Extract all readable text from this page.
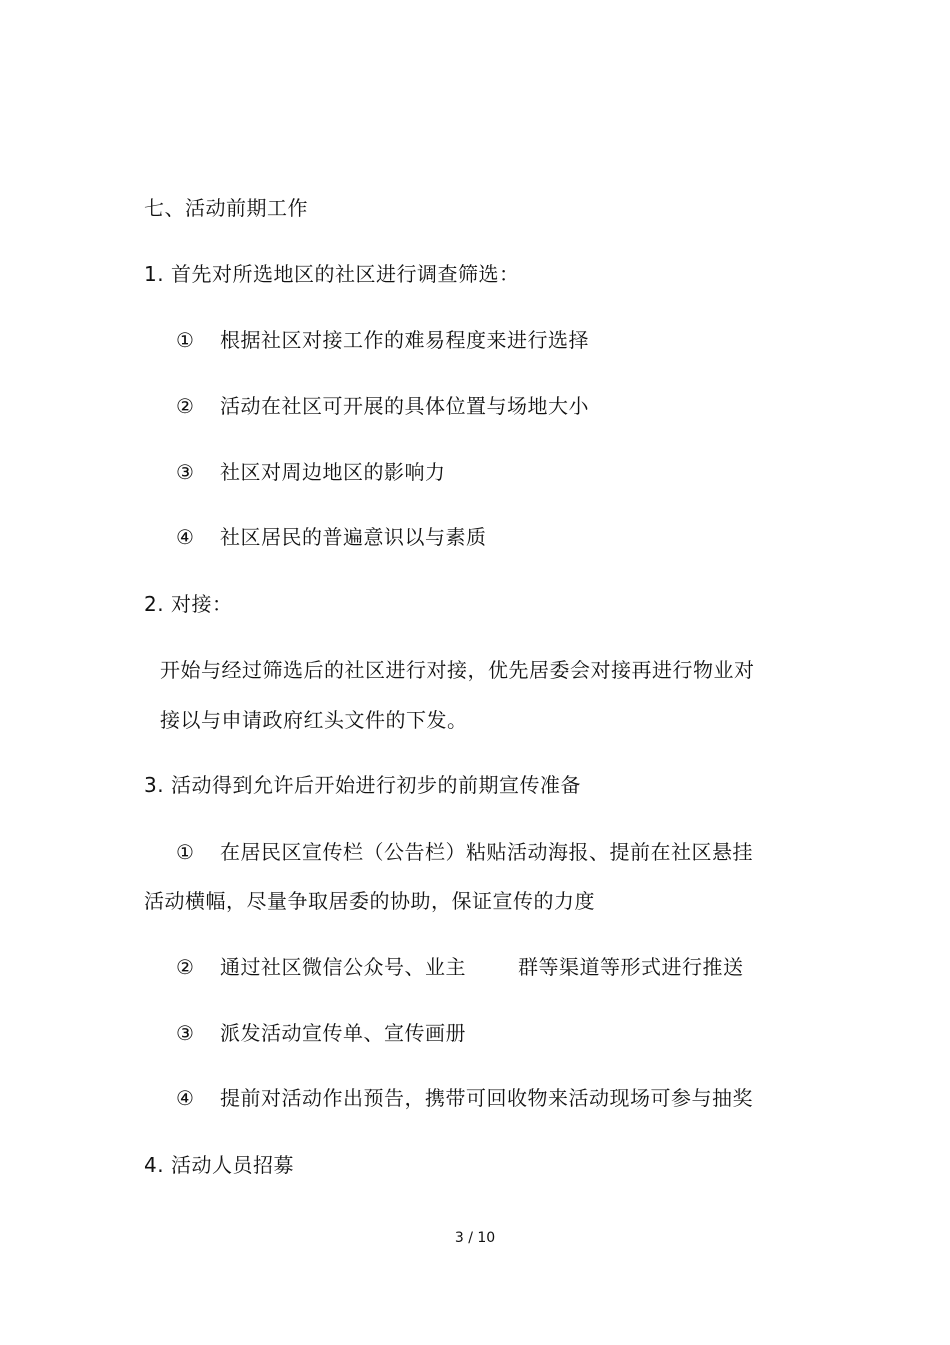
七、活动前期工作
1. 首先对所选地区的社区进行调查筛选：
① 根据社区对接工作的难易程度来进行选择
② 活动在社区可开展的具体位置与场地大小
③ 社区对周边地区的影响力
④ 社区居民的普遍意识以与素质
2. 对接：
开始与经过筛选后的社区进行对接，优先居委会对接再进行物业对
接以与申请政府红头文件的下发。
3. 活动得到允许后开始进行初步的前期宣传准备
① 在居民区宣传栏（公告栏）粘贴活动海报、提前在社区悬挂
活动横幅，尽量争取居委的协助，保证宣传的力度
② 通过社区微信公众号、业主	群等渠道等形式进行推送
③ 派发活动宣传单、宣传画册
④ 提前对活动作出预告，携带可回收物来活动现场可参与抽奖
4. 活动人员招募
3 / 10
